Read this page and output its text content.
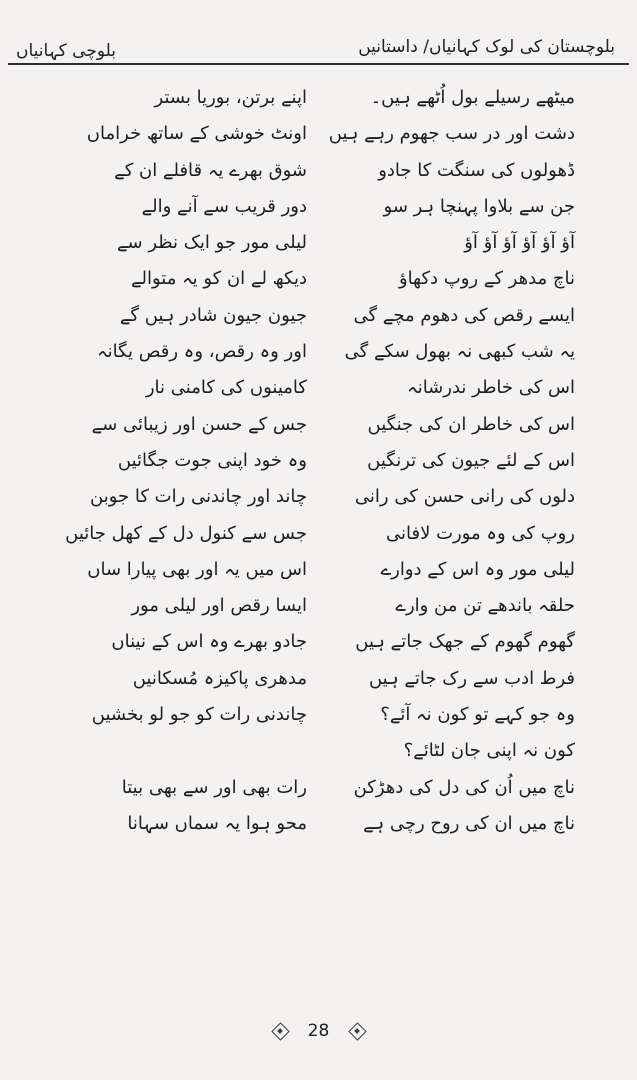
بلوچستان کی لوک کہانیاں/ داستانیں
بلوچی کہانیاں
میٹھے رسیلے بول اُٹھے ہیں۔
اپنے برتن، بوریا بستر
دشت اور در سب جھوم رہے ہیں
اونٹ خوشی کے ساتھ خراماں
ڈھولوں کی سنگت کا جادو
شوق بھرے یہ قافلے ان کے
جن سے بلاوا پہنچا ہر سو
دور قریب سے آنے والے
آؤ آؤ آؤ آؤ آؤ آؤ
لیلی مور جو ایک نظر سے
ناچ مدھر کے روپ دکھاؤ
دیکھ لے ان کو یہ متوالے
ایسے رقص کی دھوم مچے گی
جیون جیون شادر ہیں گے
یہ شب کبھی نہ بھول سکے گی
اور وہ رقص، وہ رقص یگانہ
اس کی خاطر ندرشانہ
کامینوں کی کامنی نار
اس کی خاطر ان کی جنگیں
جس کے حسن اور زیبائی سے
اس کے لئے جیون کی ترنگیں
وہ خود اپنی جوت جگائیں
دلوں کی رانی حسن کی رانی
چاند اور چاندنی رات کا جوبن
روپ کی وہ مورت لافانی
جس سے کنول دل کے کھل جائیں
لیلی مور وہ اس کے دوارے
اس میں یہ اور بھی پیارا ساں
حلقہ باندھے تن من وارے
ایسا رقص اور لیلی مور
گھوم گھوم کے جھک جاتے ہیں
جادو بھرے وہ اس کے نیناں
فرط ادب سے رک جاتے ہیں
مدھری پاکیزہ مُسکانیں
وہ جو کہے تو کون نہ آئے؟
چاندنی رات کو جو لو بخشیں
کون نہ اپنی جان لٹائے؟
ناچ میں اُن کی دل کی دھڑکن
رات بھی اور سے بھی بیتا
ناچ میں ان کی روح رچی ہے
محو ہوا یہ سماں سہانا
28
